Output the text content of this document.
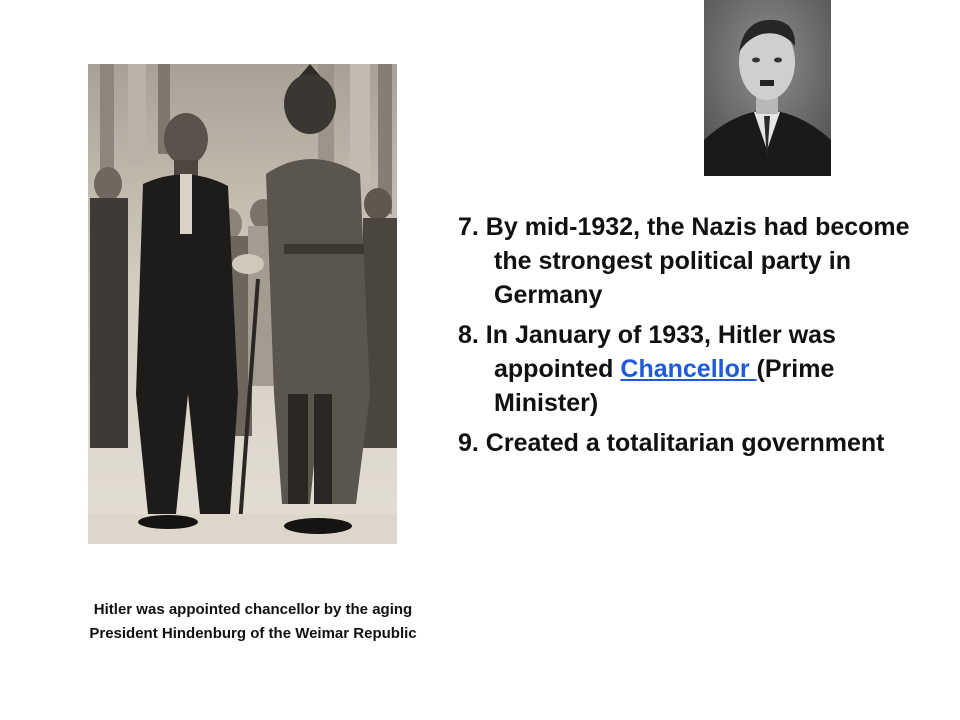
7. By mid-1932, the Nazis had become the strongest political party in Germany
8. In January of 1933, Hitler was appointed Chancellor (Prime Minister)
9. Created a totalitarian government

Hitler was appointed chancellor by the aging President Hindenburg of the Weimar Republic
